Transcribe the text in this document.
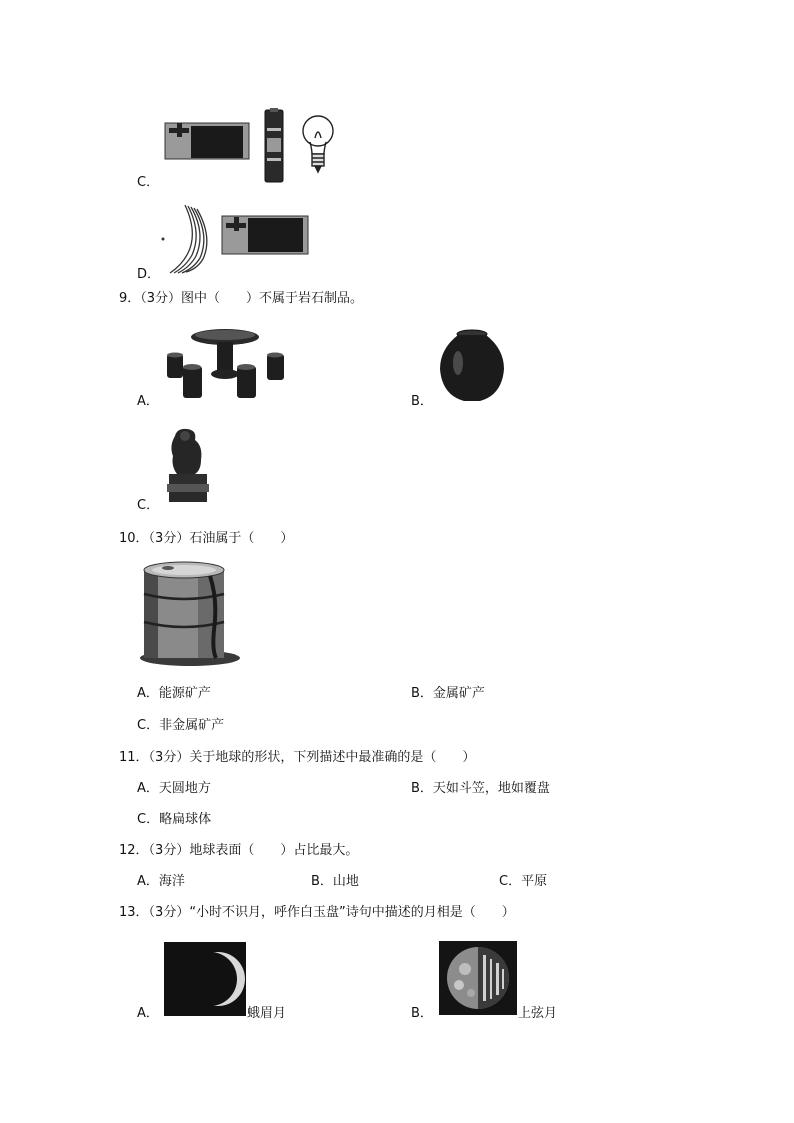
C．
D．
9．（3分）图中（　　）不属于岩石制品。
A．	B．
C．
10．（3分）石油属于（　　）
A．能源矿产	B．金属矿产
C．非金属矿产
11．（3分）关于地球的形状，下列描述中最准确的是（　　）
A．天圆地方	B．天如斗笠，地如覆盘
C．略扁球体
12．（3分）地球表面（　　）占比最大。
A．海洋	B．山地	C．平原
13．（3分）“小时不识月，呼作白玉盘”诗句中描述的月相是（　　）
A．	蛾眉月	B．	上弦月
